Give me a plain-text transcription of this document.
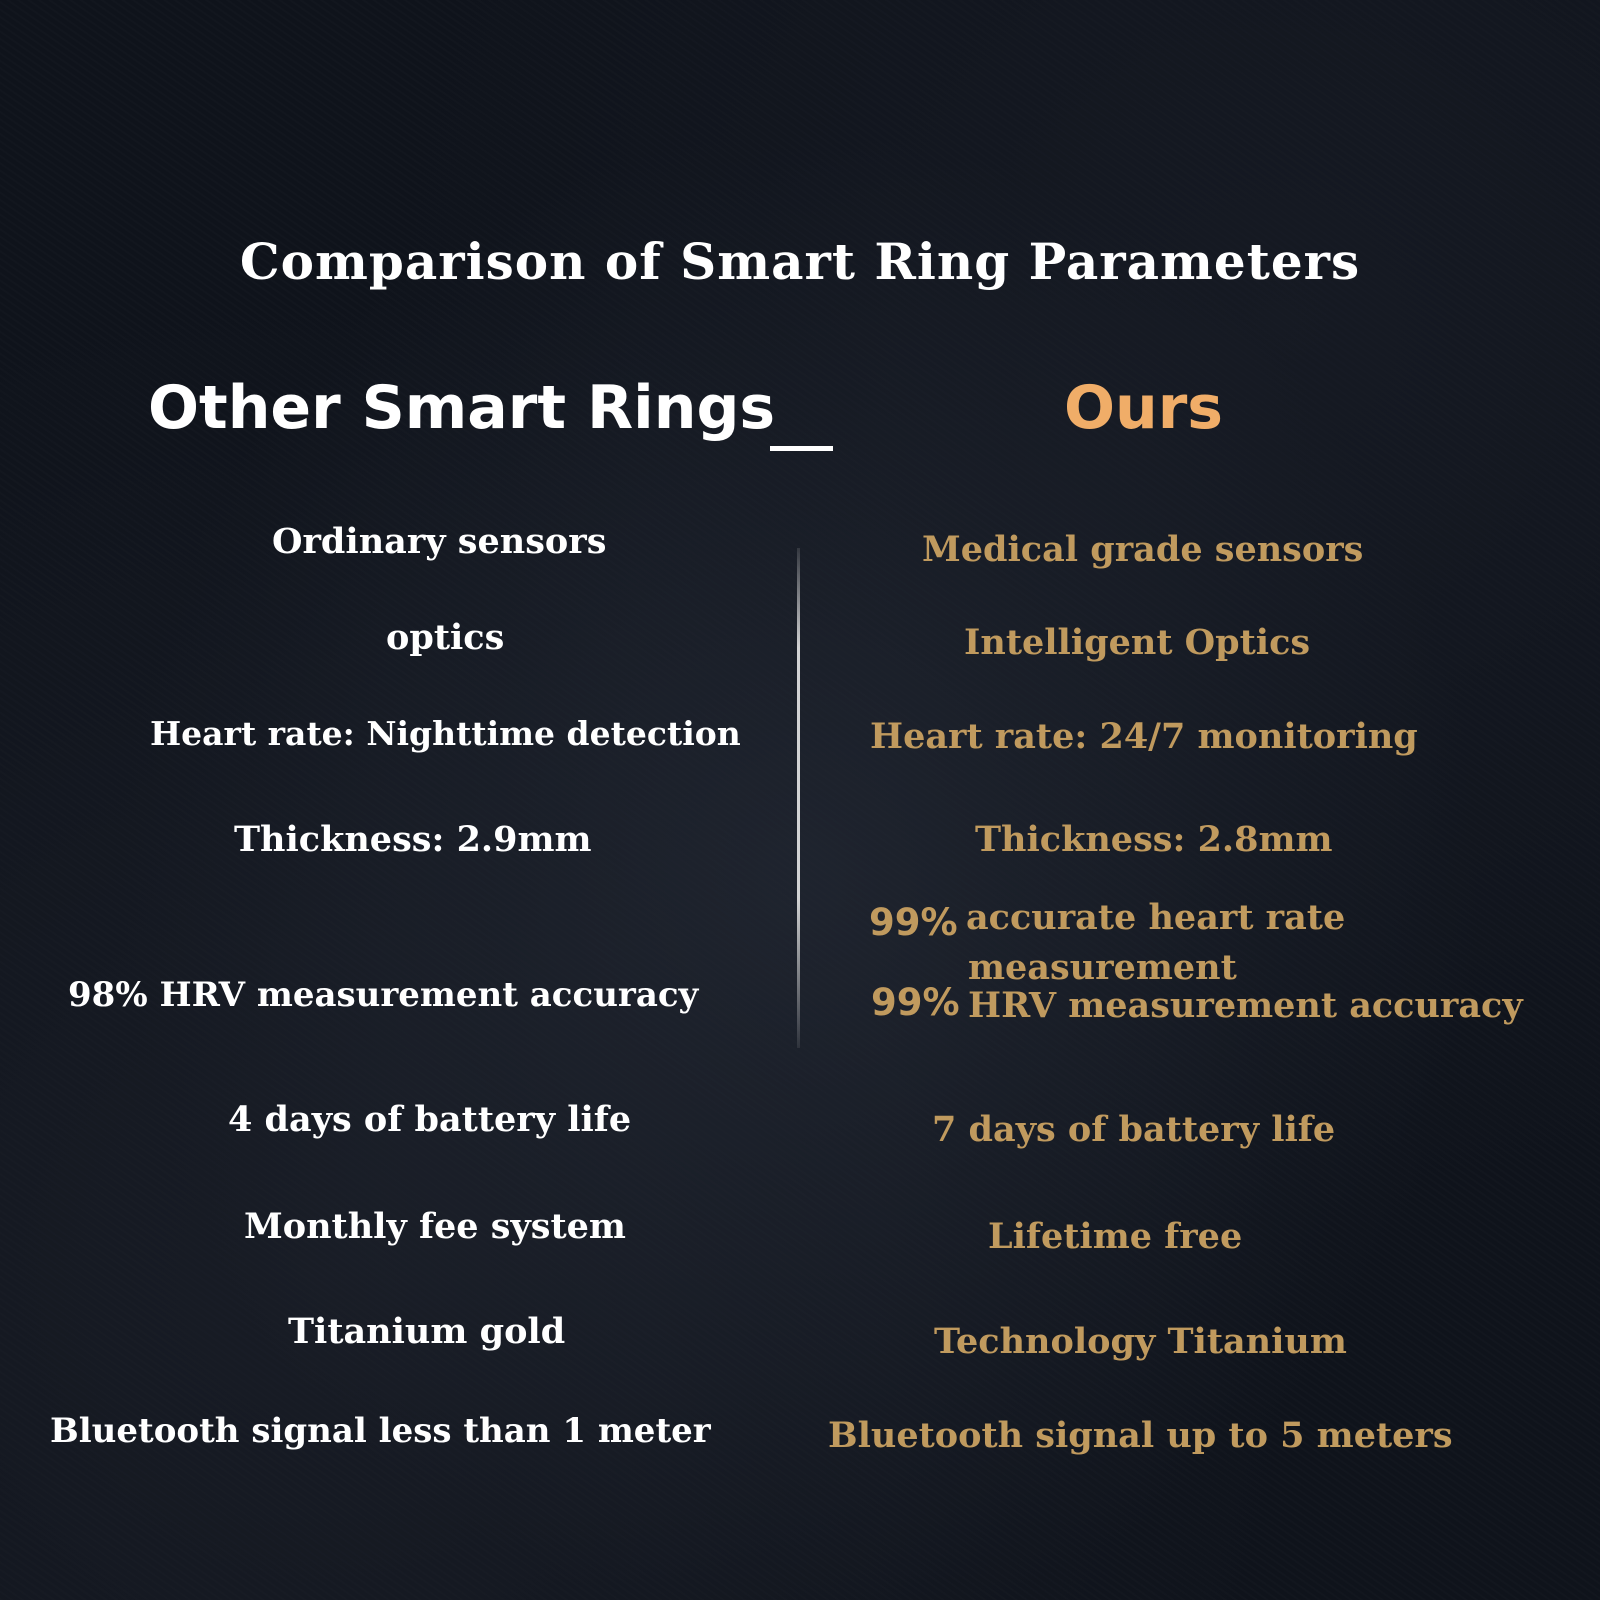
Comparison of Smart Ring Parameters
Other Smart Rings	Ours
Ordinary sensors
optics
Heart rate: Nighttime detection
Thickness: 2.9mm
98% HRV measurement accuracy
4 days of battery life
Monthly fee system
Titanium gold
Bluetooth signal less than 1 meter
Medical grade sensors
Intelligent Optics
Heart rate: 24/7 monitoring
Thickness: 2.8mm
99% accurate heart rate
measurement
99% HRV measurement accuracy
7 days of battery life
Lifetime free
Technology Titanium
Bluetooth signal up to 5 meters
